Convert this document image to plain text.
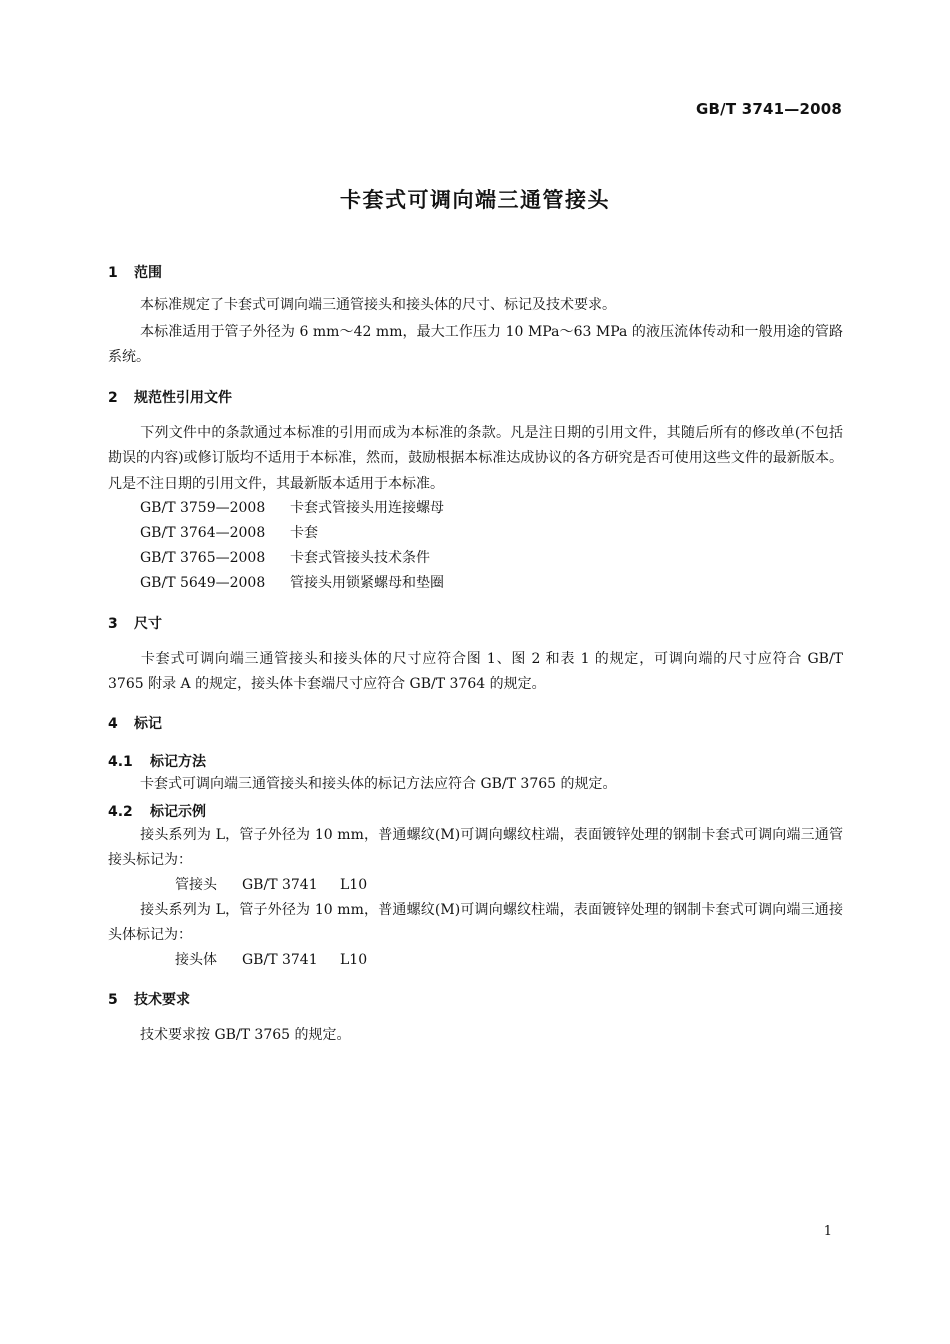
GB/T 3741—2008
卡套式可调向端三通管接头
1 范围
本标准规定了卡套式可调向端三通管接头和接头体的尺寸、标记及技术要求。
本标准适用于管子外径为 6 mm～42 mm，最大工作压力 10 MPa～63 MPa 的液压流体传动和一般用途的管路系统。
2 规范性引用文件
下列文件中的条款通过本标准的引用而成为本标准的条款。凡是注日期的引用文件，其随后所有的修改单(不包括勘误的内容)或修订版均不适用于本标准，然而，鼓励根据本标准达成协议的各方研究是否可使用这些文件的最新版本。凡是不注日期的引用文件，其最新版本适用于本标准。
GB/T 3759—2008 卡套式管接头用连接螺母
GB/T 3764—2008 卡套
GB/T 3765—2008 卡套式管接头技术条件
GB/T 5649—2008 管接头用锁紧螺母和垫圈
3 尺寸
卡套式可调向端三通管接头和接头体的尺寸应符合图 1、图 2 和表 1 的规定，可调向端的尺寸应符合 GB/T 3765 附录 A 的规定，接头体卡套端尺寸应符合 GB/T 3764 的规定。
4 标记
4.1 标记方法
卡套式可调向端三通管接头和接头体的标记方法应符合 GB/T 3765 的规定。
4.2 标记示例
接头系列为 L，管子外径为 10 mm，普通螺纹(M)可调向螺纹柱端，表面镀锌处理的钢制卡套式可调向端三通管接头标记为：
管接头 GB/T 3741 L10
接头系列为 L，管子外径为 10 mm，普通螺纹(M)可调向螺纹柱端，表面镀锌处理的钢制卡套式可调向端三通接头体标记为：
接头体 GB/T 3741 L10
5 技术要求
技术要求按 GB/T 3765 的规定。
1
